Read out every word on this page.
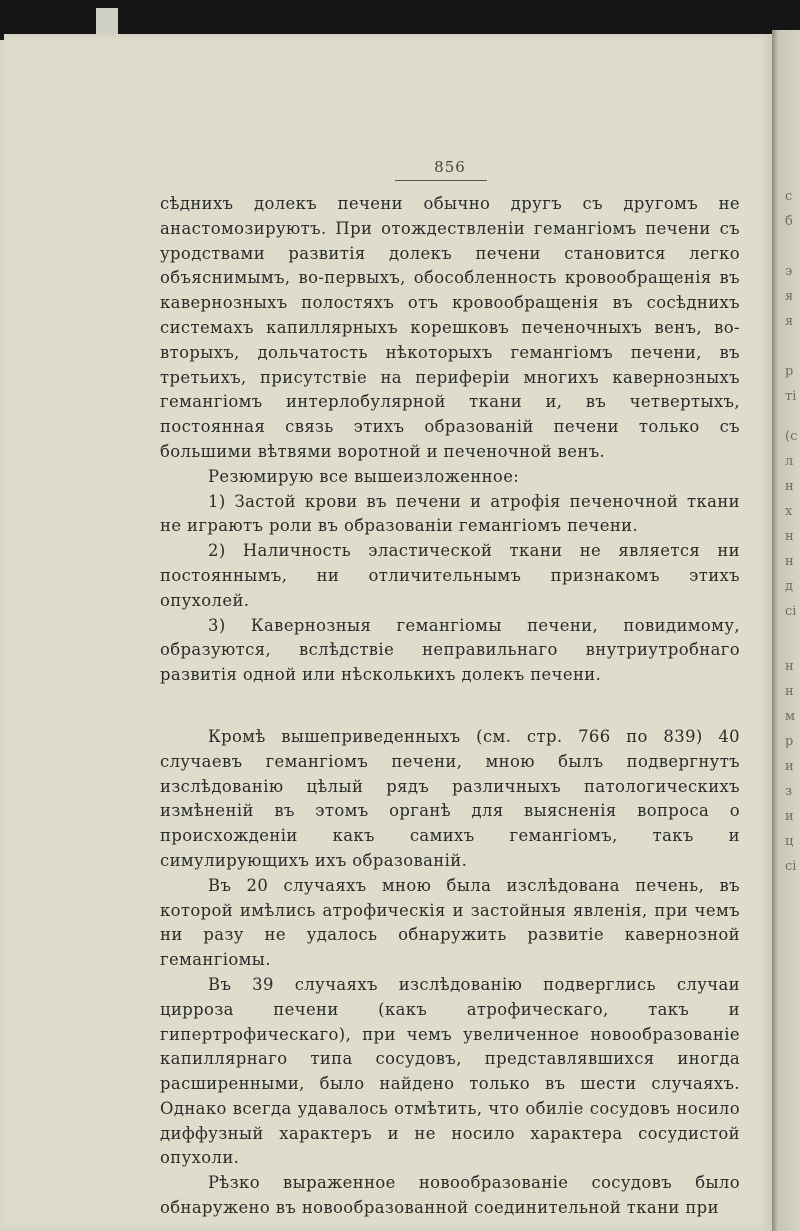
с
б
э
я
я
р
ті
(с
л
н
х
н
н
д
сі
н
н
м
р
и
з
и
ц
ci
856

сѣднихъ долекъ печени обычно другъ съ другомъ не анастомозируютъ. При отождествленіи гемангіомъ печени съ уродствами развитія долекъ печени становится легко объяснимымъ, во-первыхъ, обособленность кровообращенія въ кавернозныхъ полостяхъ отъ кровообращенія въ сосѣднихъ системахъ капиллярныхъ корешковъ печеночныхъ венъ, во-вторыхъ, дольчатость нѣкоторыхъ гемангіомъ печени, въ третьихъ, присутствіе на периферіи многихъ кавернозныхъ гемангіомъ интерлобулярной ткани и, въ четвертыхъ, постоянная связь этихъ образованій печени только съ большими вѣтвями воротной и печеночной венъ.

Резюмирую все вышеизложенное:

1) Застой крови въ печени и атрофія печеночной ткани не играютъ роли въ образованіи гемангіомъ печени.

2) Наличность эластической ткани не является ни постояннымъ, ни отличительнымъ признакомъ этихъ опухолей.

3) Кавернозныя гемангіомы печени, повидимому, образуются, вслѣдствіе неправильнаго внутриутробнаго развитія одной или нѣсколькихъ долекъ печени.

Кромѣ вышеприведенныхъ (см. стр. 766 по 839) 40 случаевъ гемангіомъ печени, мною былъ подвергнутъ изслѣдованію цѣлый рядъ различныхъ патологическихъ измѣненій въ этомъ органѣ для выясненія вопроса о происхожденіи какъ самихъ гемангіомъ, такъ и симулирующихъ ихъ образованій.

Въ 20 случаяхъ мною была изслѣдована печень, въ которой имѣлись атрофическія и застойныя явленія, при чемъ ни разу не удалось обнаружить развитіе кавернозной гемангіомы.

Въ 39 случаяхъ изслѣдованію подверглись случаи цирроза печени (какъ атрофическаго, такъ и гипертрофическаго), при чемъ увеличенное новообразованіе капиллярнаго типа сосудовъ, представлявшихся иногда расширенными, было найдено только въ шести случаяхъ. Однако всегда удавалось отмѣтить, что обиліе сосудовъ носило диффузный характеръ и не носило характера сосудистой опухоли.

Рѣзко выраженное новообразованіе сосудовъ было обнаружено въ новообразованной соединительной ткани при
